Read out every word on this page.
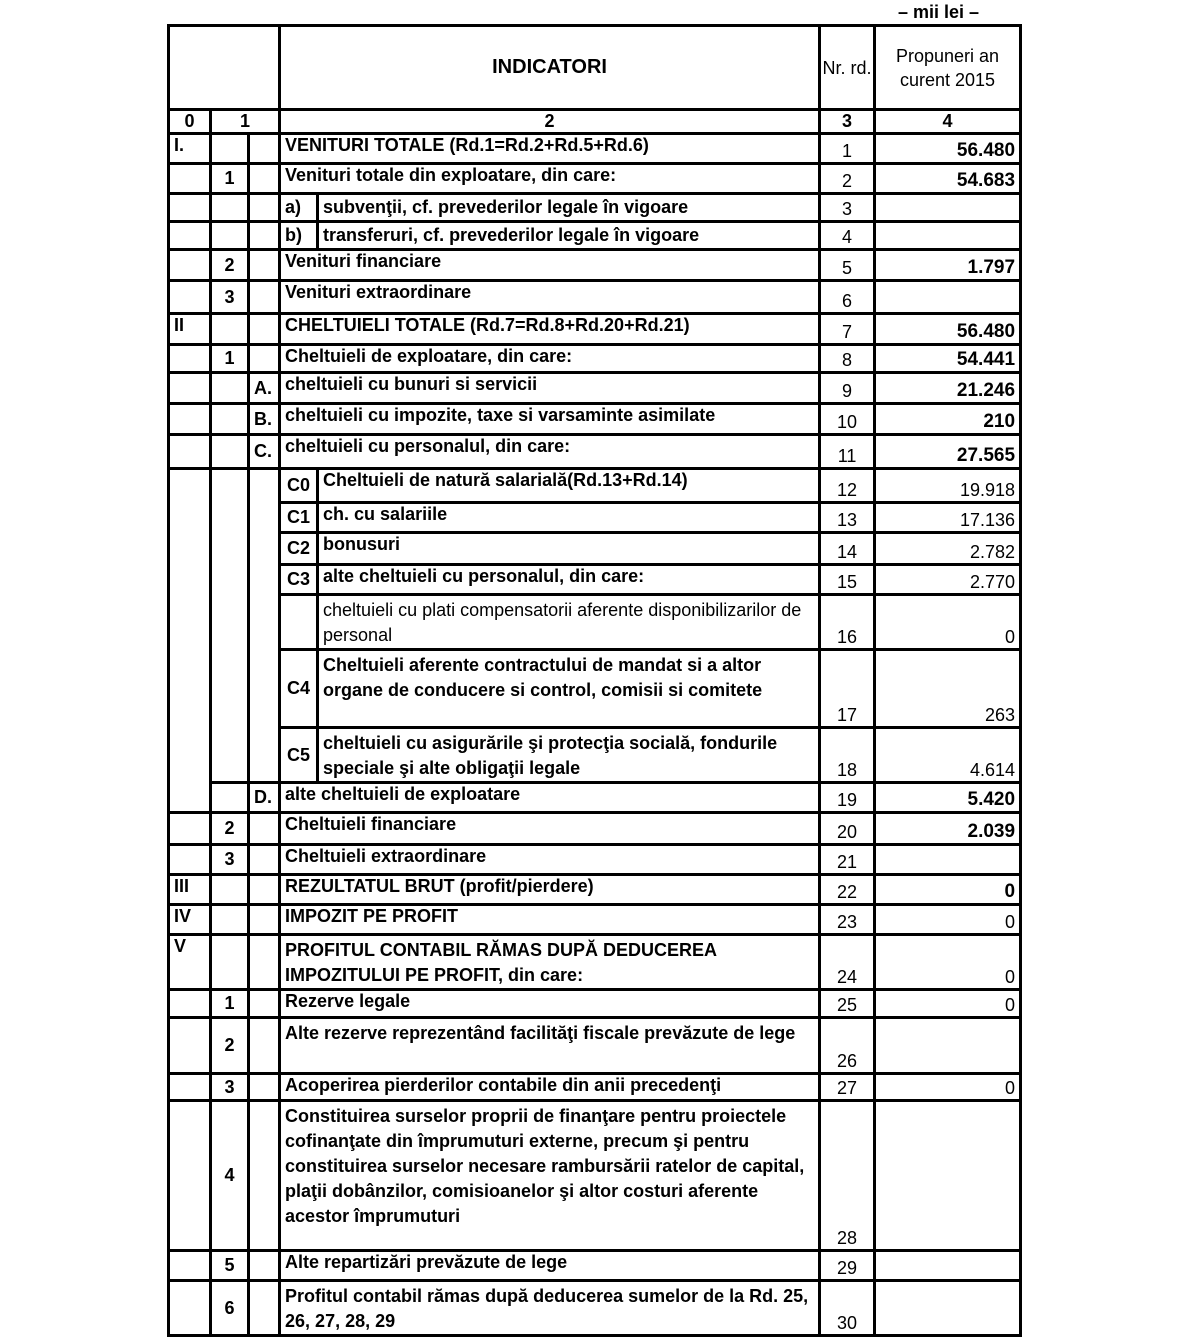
– mii lei –
			INDICATORI		Nr. rd.	Propuneri an curent 2015
0	1		2		3	4
I.			VENITURI TOTALE (Rd.1=Rd.2+Rd.5+Rd.6)		1	56.480
	1		Venituri totale din exploatare, din care:		2	54.683
			a)	subvenţii, cf. prevederilor legale în vigoare	3	
			b)	transferuri, cf. prevederilor legale în vigoare	4	
	2		Venituri financiare		5	1.797
	3		Venituri extraordinare		6	
II			CHELTUIELI TOTALE (Rd.7=Rd.8+Rd.20+Rd.21)		7	56.480
	1		Cheltuieli de exploatare, din care:		8	54.441
		A.	cheltuieli cu bunuri si servicii		9	21.246
		B.	cheltuieli cu impozite, taxe si varsaminte asimilate		10	210
		C.	cheltuieli cu personalul, din care:		11	27.565
			C0	Cheltuieli de natură salarială(Rd.13+Rd.14)	12	19.918
			C1	ch. cu salariile	13	17.136
			C2	bonusuri	14	2.782
			C3	alte cheltuieli cu personalul, din care:	15	2.770
				cheltuieli cu plati compensatorii aferente disponibilizarilor de personal	16	0
			C4	Cheltuieli aferente contractului de mandat si a altor organe de conducere si control, comisii si comitete	17	263
			C5	cheltuieli cu asigurările şi protecţia socială, fondurile speciale şi alte obligaţii legale	18	4.614
		D.	alte cheltuieli de exploatare		19	5.420
	2		Cheltuieli financiare		20	2.039
	3		Cheltuieli extraordinare		21	
III			REZULTATUL BRUT (profit/pierdere)		22	0
IV			IMPOZIT PE PROFIT		23	0
V			PROFITUL CONTABIL RĂMAS DUPĂ DEDUCEREA IMPOZITULUI PE PROFIT, din care:		24	0
	1		Rezerve legale		25	0
	2		Alte rezerve reprezentând facilităţi fiscale prevăzute de lege		26	
	3		Acoperirea pierderilor contabile din anii precedenţi		27	0
	4		Constituirea surselor proprii de finanţare pentru proiectele cofinanţate din împrumuturi externe, precum şi pentru constituirea surselor necesare rambursării ratelor de capital, plaţii dobânzilor, comisioanelor şi altor costuri aferente acestor împrumuturi		28	
	5		Alte repartizări prevăzute de lege		29	
	6		Profitul contabil rămas după deducerea sumelor de la Rd. 25, 26, 27, 28, 29		30	
